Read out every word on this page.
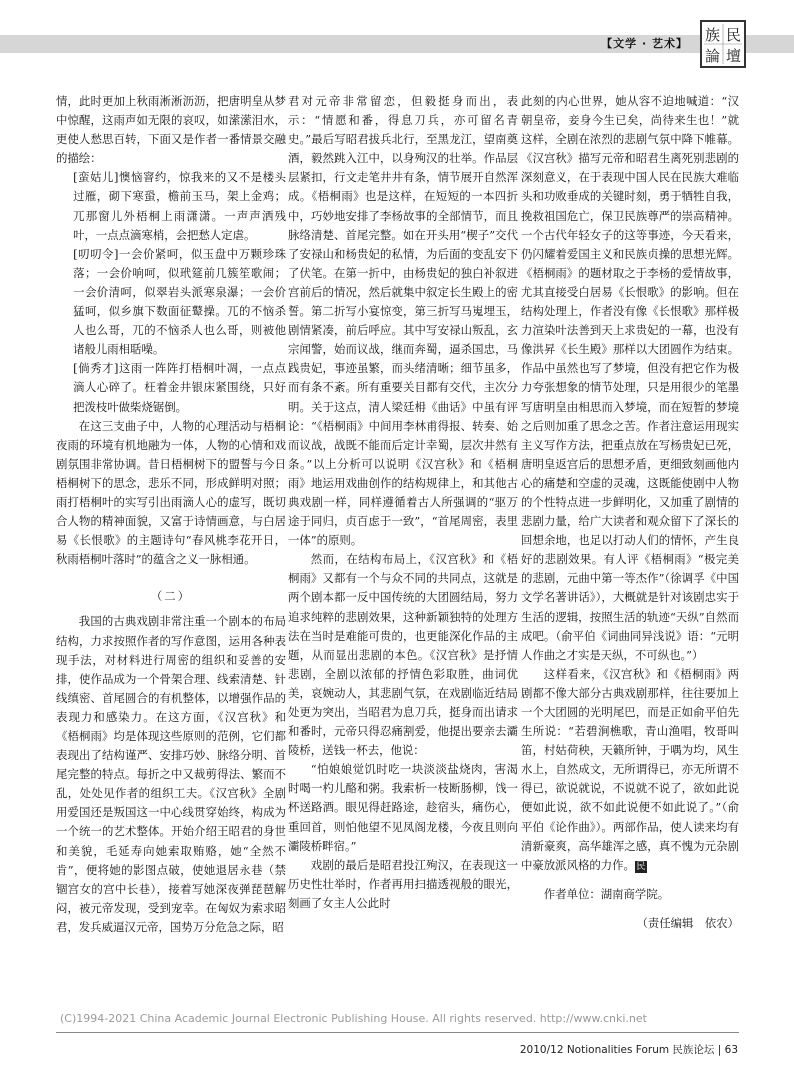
【文学 · 艺术】	民
族
壇
論

情，此时更加上秋雨淅淅沥沥，把唐明皇从梦中惊醒，这雨声如无限的哀叹，如潆潆泪水，更使人愁思百转，下面又是作者一番情景交融的描绘：

[蛮姑儿]懊恼窨约，惊我来的又不是楼头过雁，砌下寒蛩，檐前玉马，架上金鸡；兀那窗儿外梧桐上雨潇潇。一声声洒残叶，一点点滴寒梢，会把愁人定虐。

[叨叨令]一会价紧呵，似玉盘中万颗珍珠落；一会价响呵，似玳筵前几簇笙歌闹；一会价清呵，似翠岩头派寒泉瀑；一会价猛呵，似乡旗下数面征鼙操。兀的不恼杀人也么哥，兀的不恼杀人也么哥，则被他诸般儿雨相聒噪。

[倘秀才]这雨一阵阵打梧桐叶凋，一点点滴人心碎了。枉着金井银床紧围绕，只好把泼枝叶做柴烧锯倒。

在这三支曲子中，人物的心理活动与梧桐夜雨的环境有机地融为一体，人物的心情和戏剧氛围非常协调。昔日梧桐树下的盟誓与今日梧桐树下的思念，悲乐不同，形成鲜明对照；雨打梧桐叶的实写引出雨滴人心的虚写，既切合人物的精神面貌，又富于诗情画意，与白居易《长恨歌》的主题诗句“春风桃李花开日，秋雨梧桐叶落时”的蕴含之义一脉相通。

（二）

我国的古典戏剧非常注重一个剧本的布局结构，力求按照作者的写作意图，运用各种表现手法，对材料进行周密的组织和妥善的安排，使作品成为一个骨架合理、线索清楚、针线缜密、首尾圆合的有机整体，以增强作品的表现力和感染力。在这方面，《汉宫秋》和《梧桐雨》均是体现这些原则的范例，它们都表现出了结构谨严、安排巧妙、脉络分明、首尾完整的特点。每折之中又裁剪得法、繁而不乱，处处见作者的组织工夫。《汉宫秋》全剧用爱国还是叛国这一中心线贯穿始终，构成为一个统一的艺术整体。开始介绍王昭君的身世和美貌，毛延寿向她索取贿赂，她“全然不肯”，便将她的影图点破，使她退居永巷（禁锢宫女的宫中长巷），接着写她深夜弹琵琶解闷，被元帝发现，受到宠幸。在匈奴为索求昭君，发兵威逼汉元帝，国势万分危急之际，昭

君对元帝非常留恋，但毅挺身而出，表示：“情愿和番，得息刀兵，亦可留名青史。”最后写昭君拔兵北行，至黑龙江，望南奠酒，毅然跳入江中，以身殉汉的壮举。作品层层紧扣，行文走笔井井有条，情节展开自然浑成。《梧桐雨》也是这样，在短短的一本四折中，巧妙地安排了李杨故事的全部情节，而且脉络清楚、首尾完整。如在开头用“楔子”交代了安禄山和杨贵妃的私情，为后面的变乱安下了伏笔。在第一折中，由杨贵妃的独白补叙进宫前后的情况，然后就集中叙定长生殿上的密誓。第二折写小宴惊变，第三折写马嵬埋玉，剧情紧凑，前后呼应。其中写安禄山叛乱，玄宗闻警，始而议战，继而奔蜀，逼杀国忠，马践贵妃，事迹虽繁，而头绪清晰；细节虽多，而有条不紊。所有重要关目都有交代，主次分明。关于这点，清人梁廷枏《曲话》中虽有评论：“《梧桐雨》中间用李林甫得报、转奏、始而议战，战既不能而后定计幸蜀，层次井然有条。”以上分析可以说明《汉宫秋》和《梧桐雨》地运用戏曲创作的结构规律上，和其他古典戏剧一样，同样遵循着古人所强调的“驱万途于同归，贞百虑于一致”，“首尾周密，表里一体”的原则。

然而，在结构布局上，《汉宫秋》和《梧桐雨》又都有一个与众不同的共同点，这就是两个剧本都一反中国传统的大团圆结局，努力追求纯粹的悲剧效果，这种新颖独特的处理方法在当时是难能可贵的，也更能深化作品的主题，从而显出悲剧的本色。《汉宫秋》是抒情悲剧，全剧以浓郁的抒情色彩取胜，曲词优美，哀婉动人，其悲剧气氛，在戏剧临近结局处更为突出，当昭君为息刀兵，挺身而出请求和番时，元帝只得忍痛割爱，他提出要亲去灞陵桥，送钱一杯去，他说：

“怕娘娘觉饥时吃一块淡淡盐烧肉，害渴时喝一杓儿酪和粥。我索析一枝断肠柳，饯一杯送路酒。眼见得赶路途，趁宿头，痛伤心，重回首，则怕他望不见凤阁龙楼，今夜且则向灞陵桥畔宿。”

戏剧的最后是昭君投江殉汉，在表现这一历史性壮举时，作者再用扫描透视般的眼光，刻画了女主人公此时

此刻的内心世界，她从容不迫地喊道：“汉朝皇帝，妾身今生已矣，尚待来生也！”就这样，全剧在浓烈的悲剧气氛中降下帷幕。《汉宫秋》描写元帝和昭君生离死别悲剧的深刻意义，在于表现中国人民在民族大难临头和功败垂成的关键时刻，勇于牺牲自我，挽救祖国危亡，保卫民族尊严的崇高精神。一个古代年轻女子的这等事迹，今天看来，仍闪耀着爱国主义和民族贞操的思想光辉。《梧桐雨》的题材取之于李杨的爱情故事，尤其直接受白居易《长恨歌》的影响。但在结构处理上，作者没有像《长恨歌》那样极力渲染叶法善到天上求贵妃的一幕，也没有像洪昇《长生殿》那样以大团圆作为结束。作品中虽然也写了梦境，但没有把它作为极力夸张想象的情节处理，只是用很少的笔墨写唐明皇由相思而入梦境，而在短暂的梦境之后则加重了思念之苦。作者注意运用现实主义写作方法，把重点放在写杨贵妃已死，唐明皇返宫后的思想矛盾，更细致刻画他内心的痛楚和空虚的灵魂，这既能使剧中人物的个性特点进一步鲜明化，又加重了剧情的悲剧力量，给广大读者和观众留下了深长的回想余地，也足以打动人们的情怀，产生良好的悲剧效果。有人评《梧桐雨》“极完美的悲剧，元曲中第一等杰作”（徐调孚《中国文学名著讲话》），大概就是针对该剧忠实于生活的逻辑，按照生活的轨迹“天纵”自然而成吧。（俞平伯《词曲同异浅说》语：“元明人作曲之才实是天纵，不可纵也。”）

这样看来，《汉宫秋》和《梧桐雨》两剧都不像大部分古典戏剧那样，往往要加上一个大团圆的光明尾巴，而是正如俞平伯先生所说：“若碧涧樵歌，青山渔唱，牧哥叫笛，村姑荷秧，天籁所钟，于喁为均，风生水上，自然成文，无所谓得已，亦无所谓不得已，欲说就说，不说就不说了，欲如此说便如此说，欲不如此说便不如此说了。”（俞平伯《论作曲》）。两部作品，使人读来均有清新豪爽，高华雄浑之感，真不愧为元杂剧中豪放派风格的力作。民

作者单位：湖南商学院。

（责任编辑　依农）

(C)1994-2021 China Academic Journal Electronic Publishing House. All rights reserved. http://www.cnki.net
2010/12 Notionalities Forum 民族论坛 | 63
